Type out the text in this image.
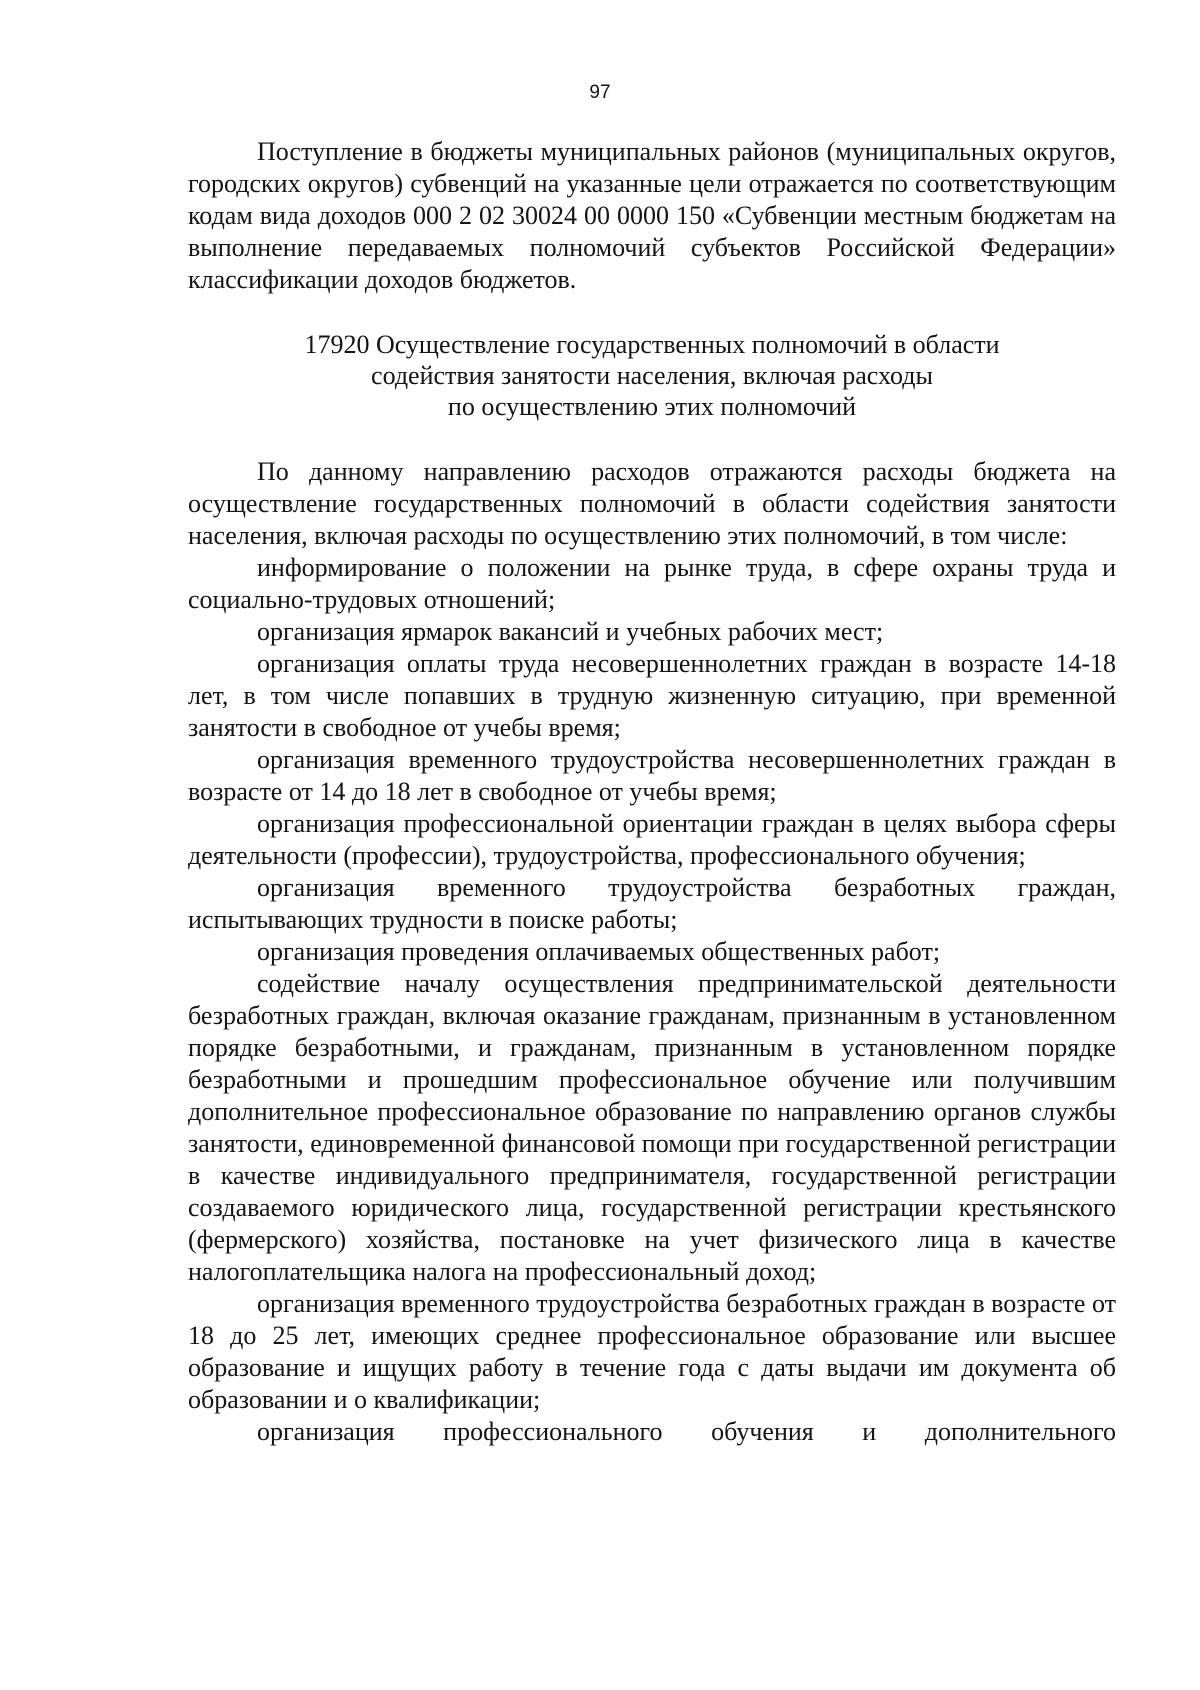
97

Поступление в бюджеты муниципальных районов (муниципальных округов, городских округов) субвенций на указанные цели отражается по соответствующим кодам вида доходов 000 2 02 30024 00 0000 150 «Субвенции местным бюджетам на выполнение передаваемых полномочий субъектов Российской Федерации» классификации доходов бюджетов.

17920 Осуществление государственных полномочий в области
содействия занятости населения, включая расходы
по осуществлению этих полномочий

По данному направлению расходов отражаются расходы бюджета на осуществление государственных полномочий в области содействия занятости населения, включая расходы по осуществлению этих полномочий, в том числе:

информирование о положении на рынке труда, в сфере охраны труда и социально-трудовых отношений;

организация ярмарок вакансий и учебных рабочих мест;

организация оплаты труда несовершеннолетних граждан в возрасте 14-18 лет, в том числе попавших в трудную жизненную ситуацию, при временной занятости в свободное от учебы время;

организация временного трудоустройства несовершеннолетних граждан в возрасте от 14 до 18 лет в свободное от учебы время;

организация профессиональной ориентации граждан в целях выбора сферы деятельности (профессии), трудоустройства, профессионального обучения;

организация временного трудоустройства безработных граждан, испытывающих трудности в поиске работы;

организация проведения оплачиваемых общественных работ;

содействие началу осуществления предпринимательской деятельности безработных граждан, включая оказание гражданам, признанным в установленном порядке безработными, и гражданам, признанным в установленном порядке безработными и прошедшим профессиональное обучение или получившим дополнительное профессиональное образование по направлению органов службы занятости, единовременной финансовой помощи при государственной регистрации в качестве индивидуального предпринимателя, государственной регистрации создаваемого юридического лица, государственной регистрации крестьянского (фермерского) хозяйства, постановке на учет физического лица в качестве налогоплательщика налога на профессиональный доход;

организация временного трудоустройства безработных граждан в возрасте от 18 до 25 лет, имеющих среднее профессиональное образование или высшее образование и ищущих работу в течение года с даты выдачи им документа об образовании и о квалификации;

организация профессионального обучения и дополнительного
